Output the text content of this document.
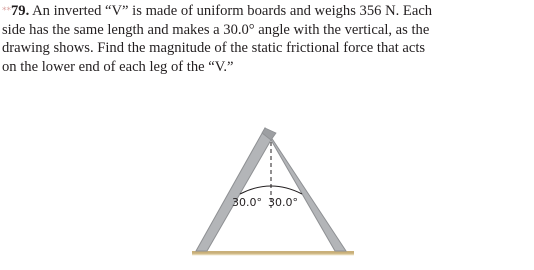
**79. An inverted “V” is made of uniform boards and weighs 356 N. Each
side has the same length and makes a 30.0° angle with the vertical, as the
drawing shows. Find the magnitude of the static frictional force that acts
on the lower end of each leg of the “V.”
30.0° 30.0°
